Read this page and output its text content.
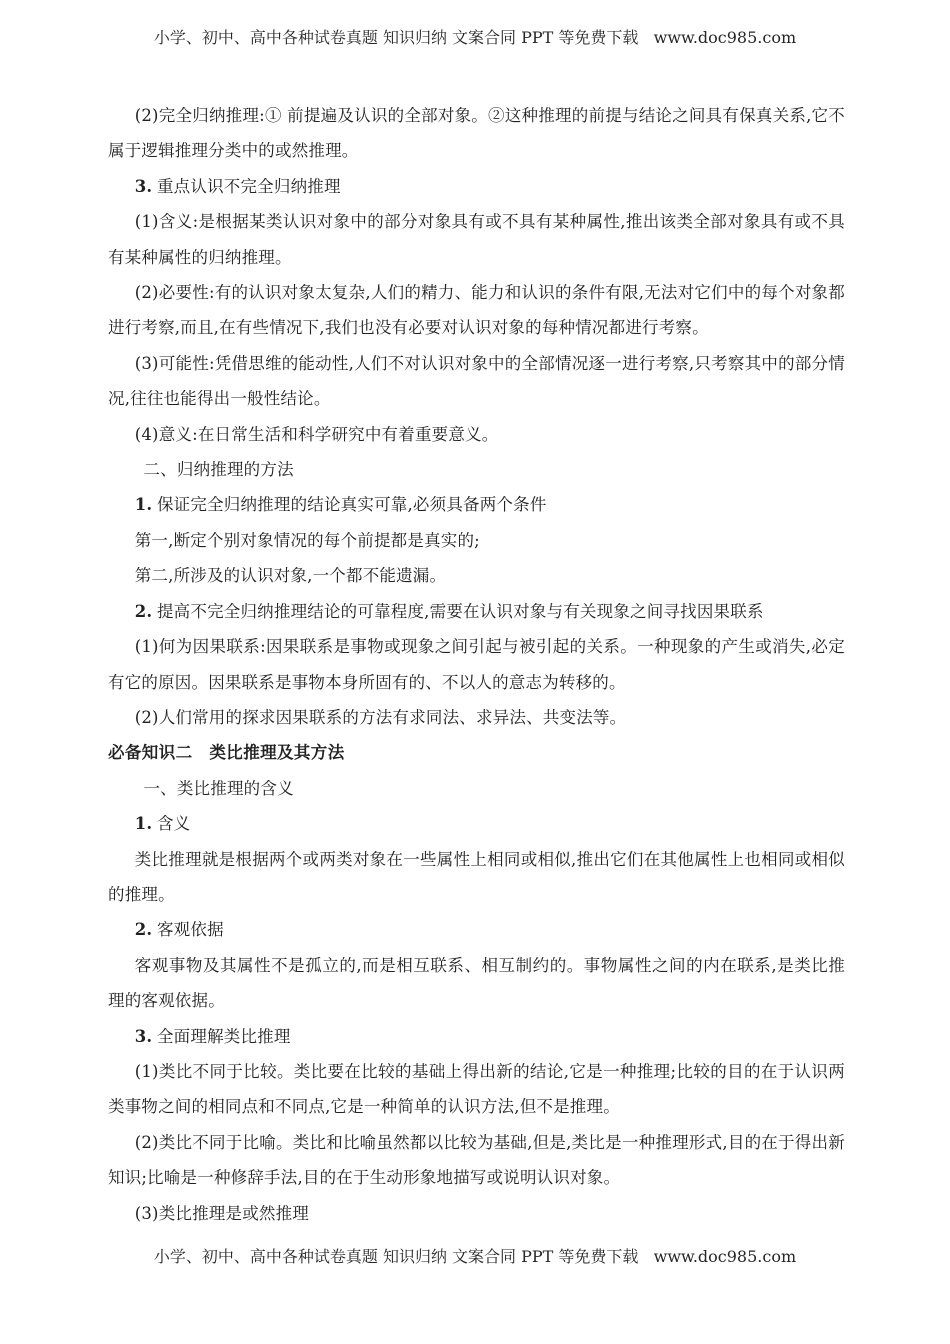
小学、初中、高中各种试卷真题 知识归纳 文案合同 PPT 等免费下载 www.doc985.com

(2)完全归纳推理:① 前提遍及认识的全部对象。②这种推理的前提与结论之间具有保真关系,它不属于逻辑推理分类中的或然推理。

3. 重点认识不完全归纳推理

(1)含义:是根据某类认识对象中的部分对象具有或不具有某种属性,推出该类全部对象具有或不具有某种属性的归纳推理。

(2)必要性:有的认识对象太复杂,人们的精力、能力和认识的条件有限,无法对它们中的每个对象都进行考察,而且,在有些情况下,我们也没有必要对认识对象的每种情况都进行考察。

(3)可能性:凭借思维的能动性,人们不对认识对象中的全部情况逐一进行考察,只考察其中的部分情况,往往也能得出一般性结论。

(4)意义:在日常生活和科学研究中有着重要意义。

二、归纳推理的方法

1. 保证完全归纳推理的结论真实可靠,必须具备两个条件

第一,断定个别对象情况的每个前提都是真实的;

第二,所涉及的认识对象,一个都不能遗漏。

2. 提高不完全归纳推理结论的可靠程度,需要在认识对象与有关现象之间寻找因果联系

(1)何为因果联系:因果联系是事物或现象之间引起与被引起的关系。一种现象的产生或消失,必定有它的原因。因果联系是事物本身所固有的、不以人的意志为转移的。

(2)人们常用的探求因果联系的方法有求同法、求异法、共变法等。

必备知识二　类比推理及其方法

一、类比推理的含义

1. 含义

类比推理就是根据两个或两类对象在一些属性上相同或相似,推出它们在其他属性上也相同或相似的推理。

2. 客观依据

客观事物及其属性不是孤立的,而是相互联系、相互制约的。事物属性之间的内在联系,是类比推理的客观依据。

3. 全面理解类比推理

(1)类比不同于比较。类比要在比较的基础上得出新的结论,它是一种推理;比较的目的在于认识两类事物之间的相同点和不同点,它是一种简单的认识方法,但不是推理。

(2)类比不同于比喻。类比和比喻虽然都以比较为基础,但是,类比是一种推理形式,目的在于得出新知识;比喻是一种修辞手法,目的在于生动形象地描写或说明认识对象。

(3)类比推理是或然推理

小学、初中、高中各种试卷真题 知识归纳 文案合同 PPT 等免费下载 www.doc985.com
